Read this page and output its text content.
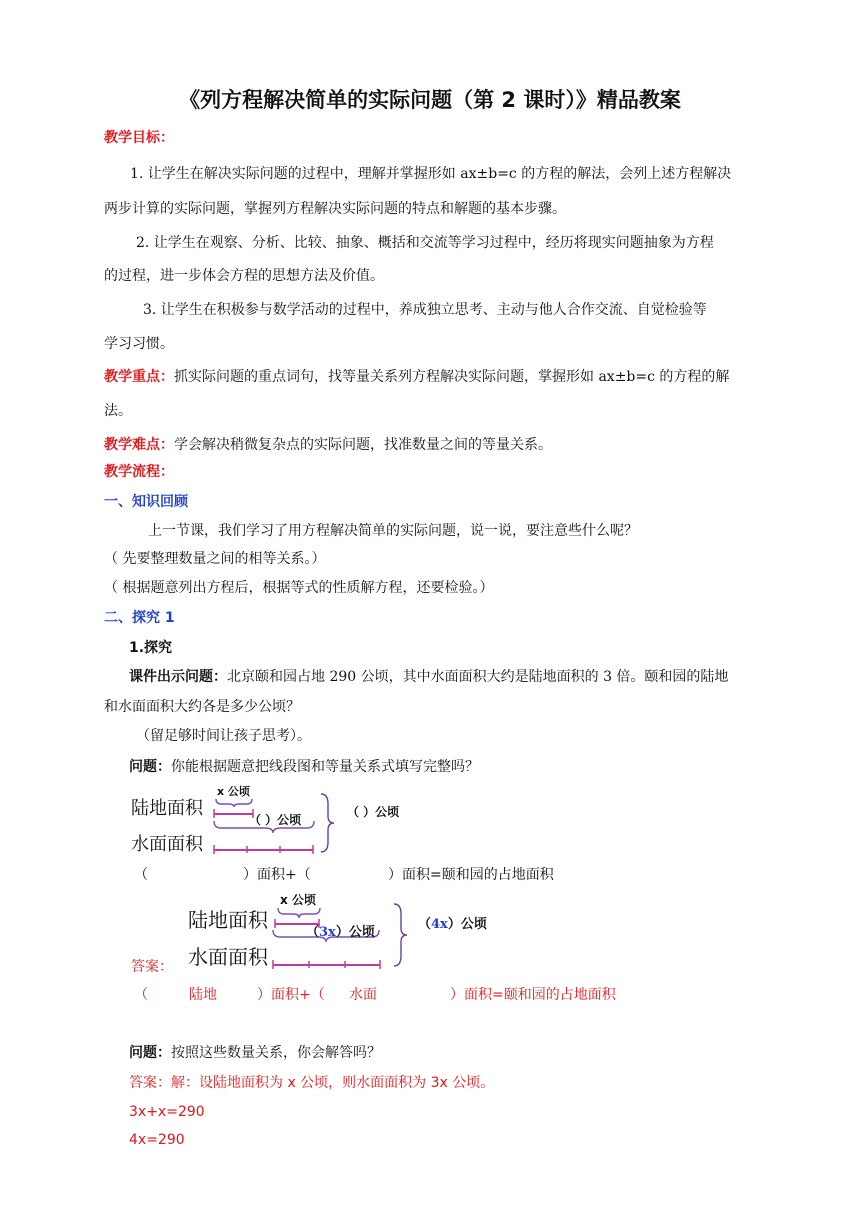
《列方程解决简单的实际问题（第 2 课时）》精品教案
教学目标：
1. 让学生在解决实际问题的过程中，理解并掌握形如 ax±b=c 的方程的解法，会列上述方程解决
两步计算的实际问题，掌握列方程解决实际问题的特点和解题的基本步骤。
2. 让学生在观察、分析、比较、抽象、概括和交流等学习过程中，经历将现实问题抽象为方程
的过程，进一步体会方程的思想方法及价值。
3. 让学生在积极参与数学活动的过程中，养成独立思考、主动与他人合作交流、自觉检验等
学习习惯。
教学重点：抓实际问题的重点词句，找等量关系列方程解决实际问题，掌握形如 ax±b=c 的方程的解
法。
教学难点：学会解决稍微复杂点的实际问题，找准数量之间的等量关系。
教学流程：
一、知识回顾
上一节课，我们学习了用方程解决简单的实际问题，说一说，要注意些什么呢？
（ 先要整理数量之间的相等关系。）
（ 根据题意列出方程后，根据等式的性质解方程，还要检验。）
二、探究 1
1.探究
课件出示问题：北京颐和园占地 290 公顷，其中水面面积大约是陆地面积的 3 倍。颐和园的陆地
和水面面积大约各是多少公顷？
（留足够时间让孩子思考）。
问题：你能根据题意把线段图和等量关系式填写完整吗？
陆地面积
水面面积
x 公顷
（ ）公顷
（ ）公顷
（	）面积+（	）面积=颐和园的占地面积
答案：
陆地面积
水面面积
x 公顷
（3x）公顷
（4x）公顷
（	陆地	）面积+（ 水面	）面积=颐和园的占地面积
问题：按照这些数量关系，你会解答吗？
答案：解：设陆地面积为 x 公顷，则水面面积为 3x 公顷。
3x+x=290
4x=290
